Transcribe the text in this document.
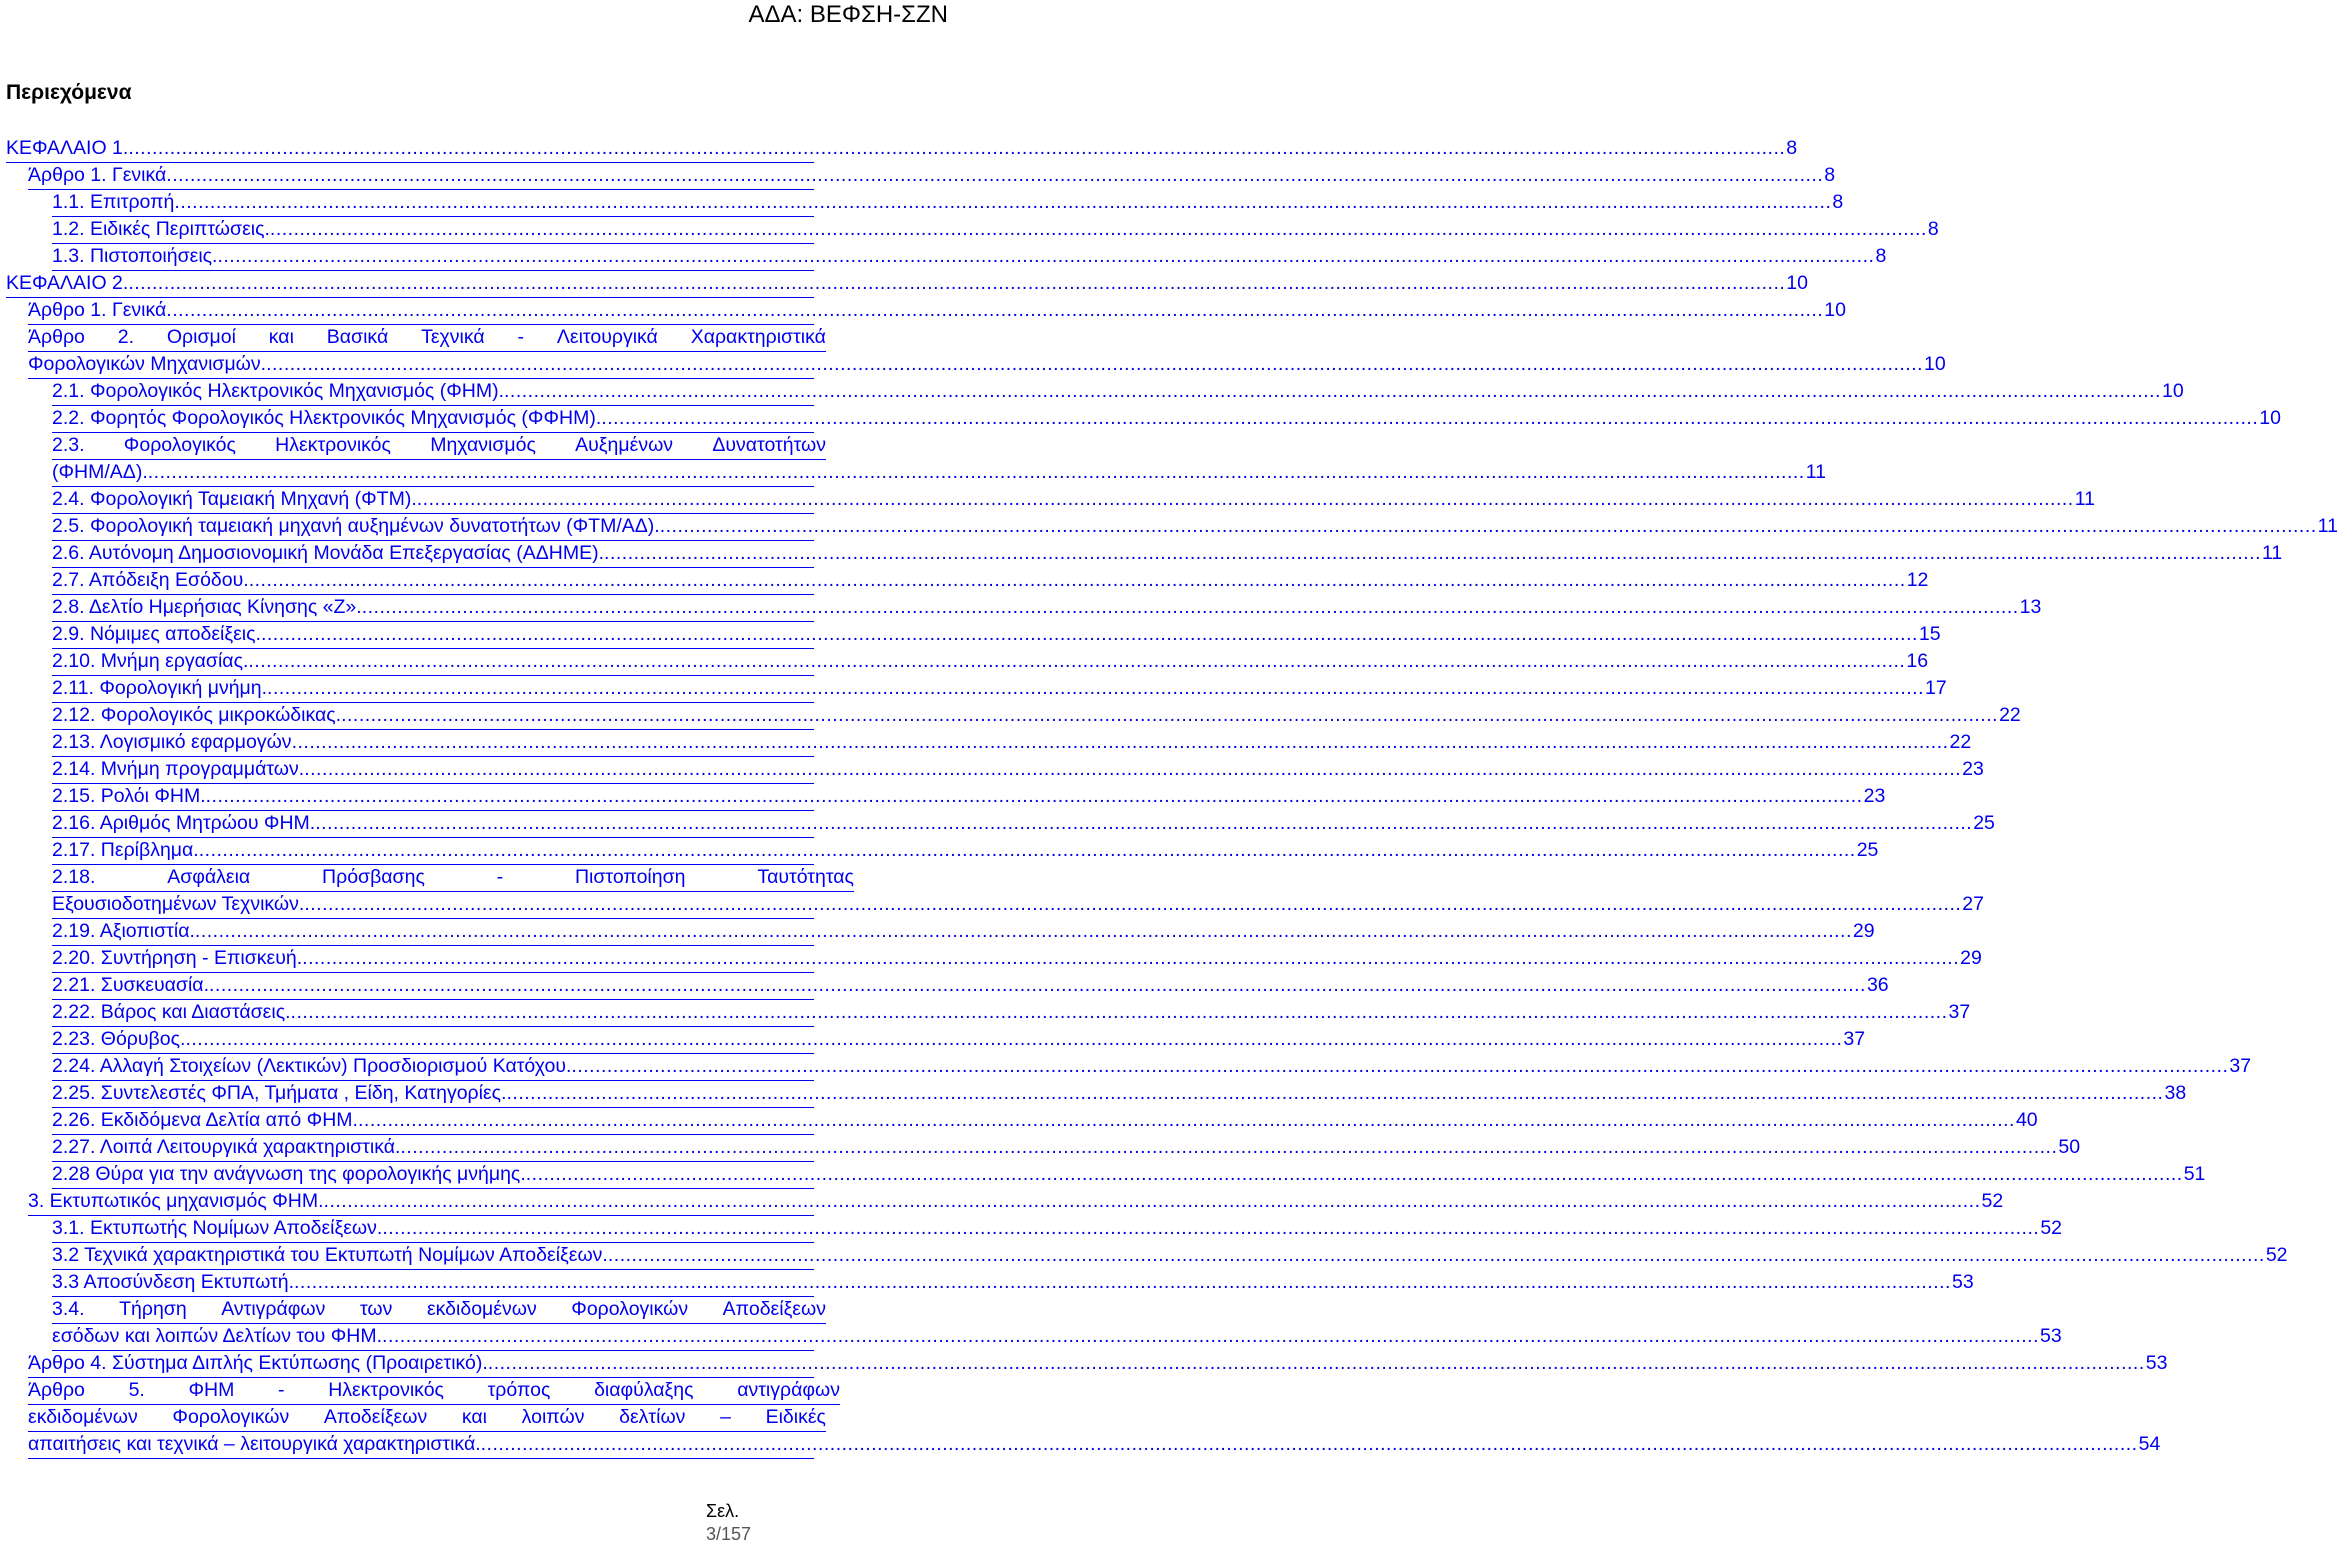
ΑΔΑ: ΒΕΦΣΗ-ΣΖΝ
Περιεχόμενα
ΚΕΦΑΛΑΙΟ 1. .....	8
Άρθρο 1. Γενικά .....	8
1.1. Επιτροπή .....	8
1.2. Ειδικές Περιπτώσεις. .....	8
1.3. Πιστοποιήσεις. .....	8
ΚΕΦΑΛΑΙΟ 2. .....	10
Άρθρο 1. Γενικά .....	10
Άρθρο 2. Ορισμοί και Βασικά Τεχνικά - Λειτουργικά Χαρακτηριστικά
Φορολογικών Μηχανισμών. .....	10
2.1. Φορολογικός Ηλεκτρονικός Μηχανισμός (ΦΗΜ). .....	10
2.2. Φορητός Φορολογικός Ηλεκτρονικός Μηχανισμός (ΦΦΗΜ). .....	10
2.3. Φορολογικός Ηλεκτρονικός Μηχανισμός Αυξημένων Δυνατοτήτων
(ΦΗΜ/ΑΔ). .....	11
2.4. Φορολογική Ταμειακή Μηχανή (ΦΤΜ). .....	11
2.5. Φορολογική ταμειακή μηχανή αυξημένων δυνατοτήτων (ΦΤΜ/ΑΔ). .....	11
2.6. Αυτόνομη Δημοσιονομική Μονάδα Επεξεργασίας (ΑΔΗΜΕ). .....	11
2.7. Απόδειξη Εσόδου. .....	12
2.8. Δελτίο Ημερήσιας Κίνησης «Ζ». .....	13
2.9. Νόμιμες αποδείξεις. .....	15
2.10. Μνήμη εργασίας. .....	16
2.11. Φορολογική μνήμη. .....	17
2.12. Φορολογικός μικροκώδικας. .....	22
2.13. Λογισμικό εφαρμογών .....	22
2.14. Μνήμη προγραμμάτων. .....	23
2.15. Ρολόι ΦΗΜ. .....	23
2.16. Αριθμός Μητρώου ΦΗΜ. .....	25
2.17. Περίβλημα. .....	25
2.18.	Ασφάλεια	Πρόσβασης	-	Πιστοποίηση	Ταυτότητας
Εξουσιοδοτημένων Τεχνικών. .....	27
2.19. Αξιοπιστία. .....	29
2.20. Συντήρηση - Επισκευή. .....	29
2.21. Συσκευασία. .....	36
2.22. Βάρος και Διαστάσεις. .....	37
2.23. Θόρυβος. .....	37
2.24. Αλλαγή Στοιχείων (Λεκτικών) Προσδιορισμού Κατόχου. .....	37
2.25. Συντελεστές ΦΠΑ, Τμήματα , Είδη, Κατηγορίες. .....	38
2.26. Εκδιδόμενα Δελτία από ΦΗΜ. .....	40
2.27. Λοιπά Λειτουργικά χαρακτηριστικά. .....	50
2.28 Θύρα για την ανάγνωση της φορολογικής μνήμης. .....	51
3. Εκτυπωτικός μηχανισμός ΦΗΜ. .....	52
3.1. Εκτυπωτής Νομίμων Αποδείξεων. .....	52
3.2 Τεχνικά χαρακτηριστικά του Εκτυπωτή Νομίμων Αποδείξεων. .....	52
3.3 Αποσύνδεση Εκτυπωτή. .....	53
3.4. Τήρηση Αντιγράφων των εκδιδομένων Φορολογικών Αποδείξεων
εσόδων και λοιπών Δελτίων του ΦΗΜ. .....	53
Άρθρο 4. Σύστημα Διπλής Εκτύπωσης (Προαιρετικό). .....	53
Άρθρο 5. ΦΗΜ - Ηλεκτρονικός τρόπος διαφύλαξης αντιγράφων
εκδιδομένων Φορολογικών Αποδείξεων και λοιπών δελτίων – Ειδικές
απαιτήσεις και τεχνικά – λειτουργικά χαρακτηριστικά. .....	54
Σελ.
3/157
